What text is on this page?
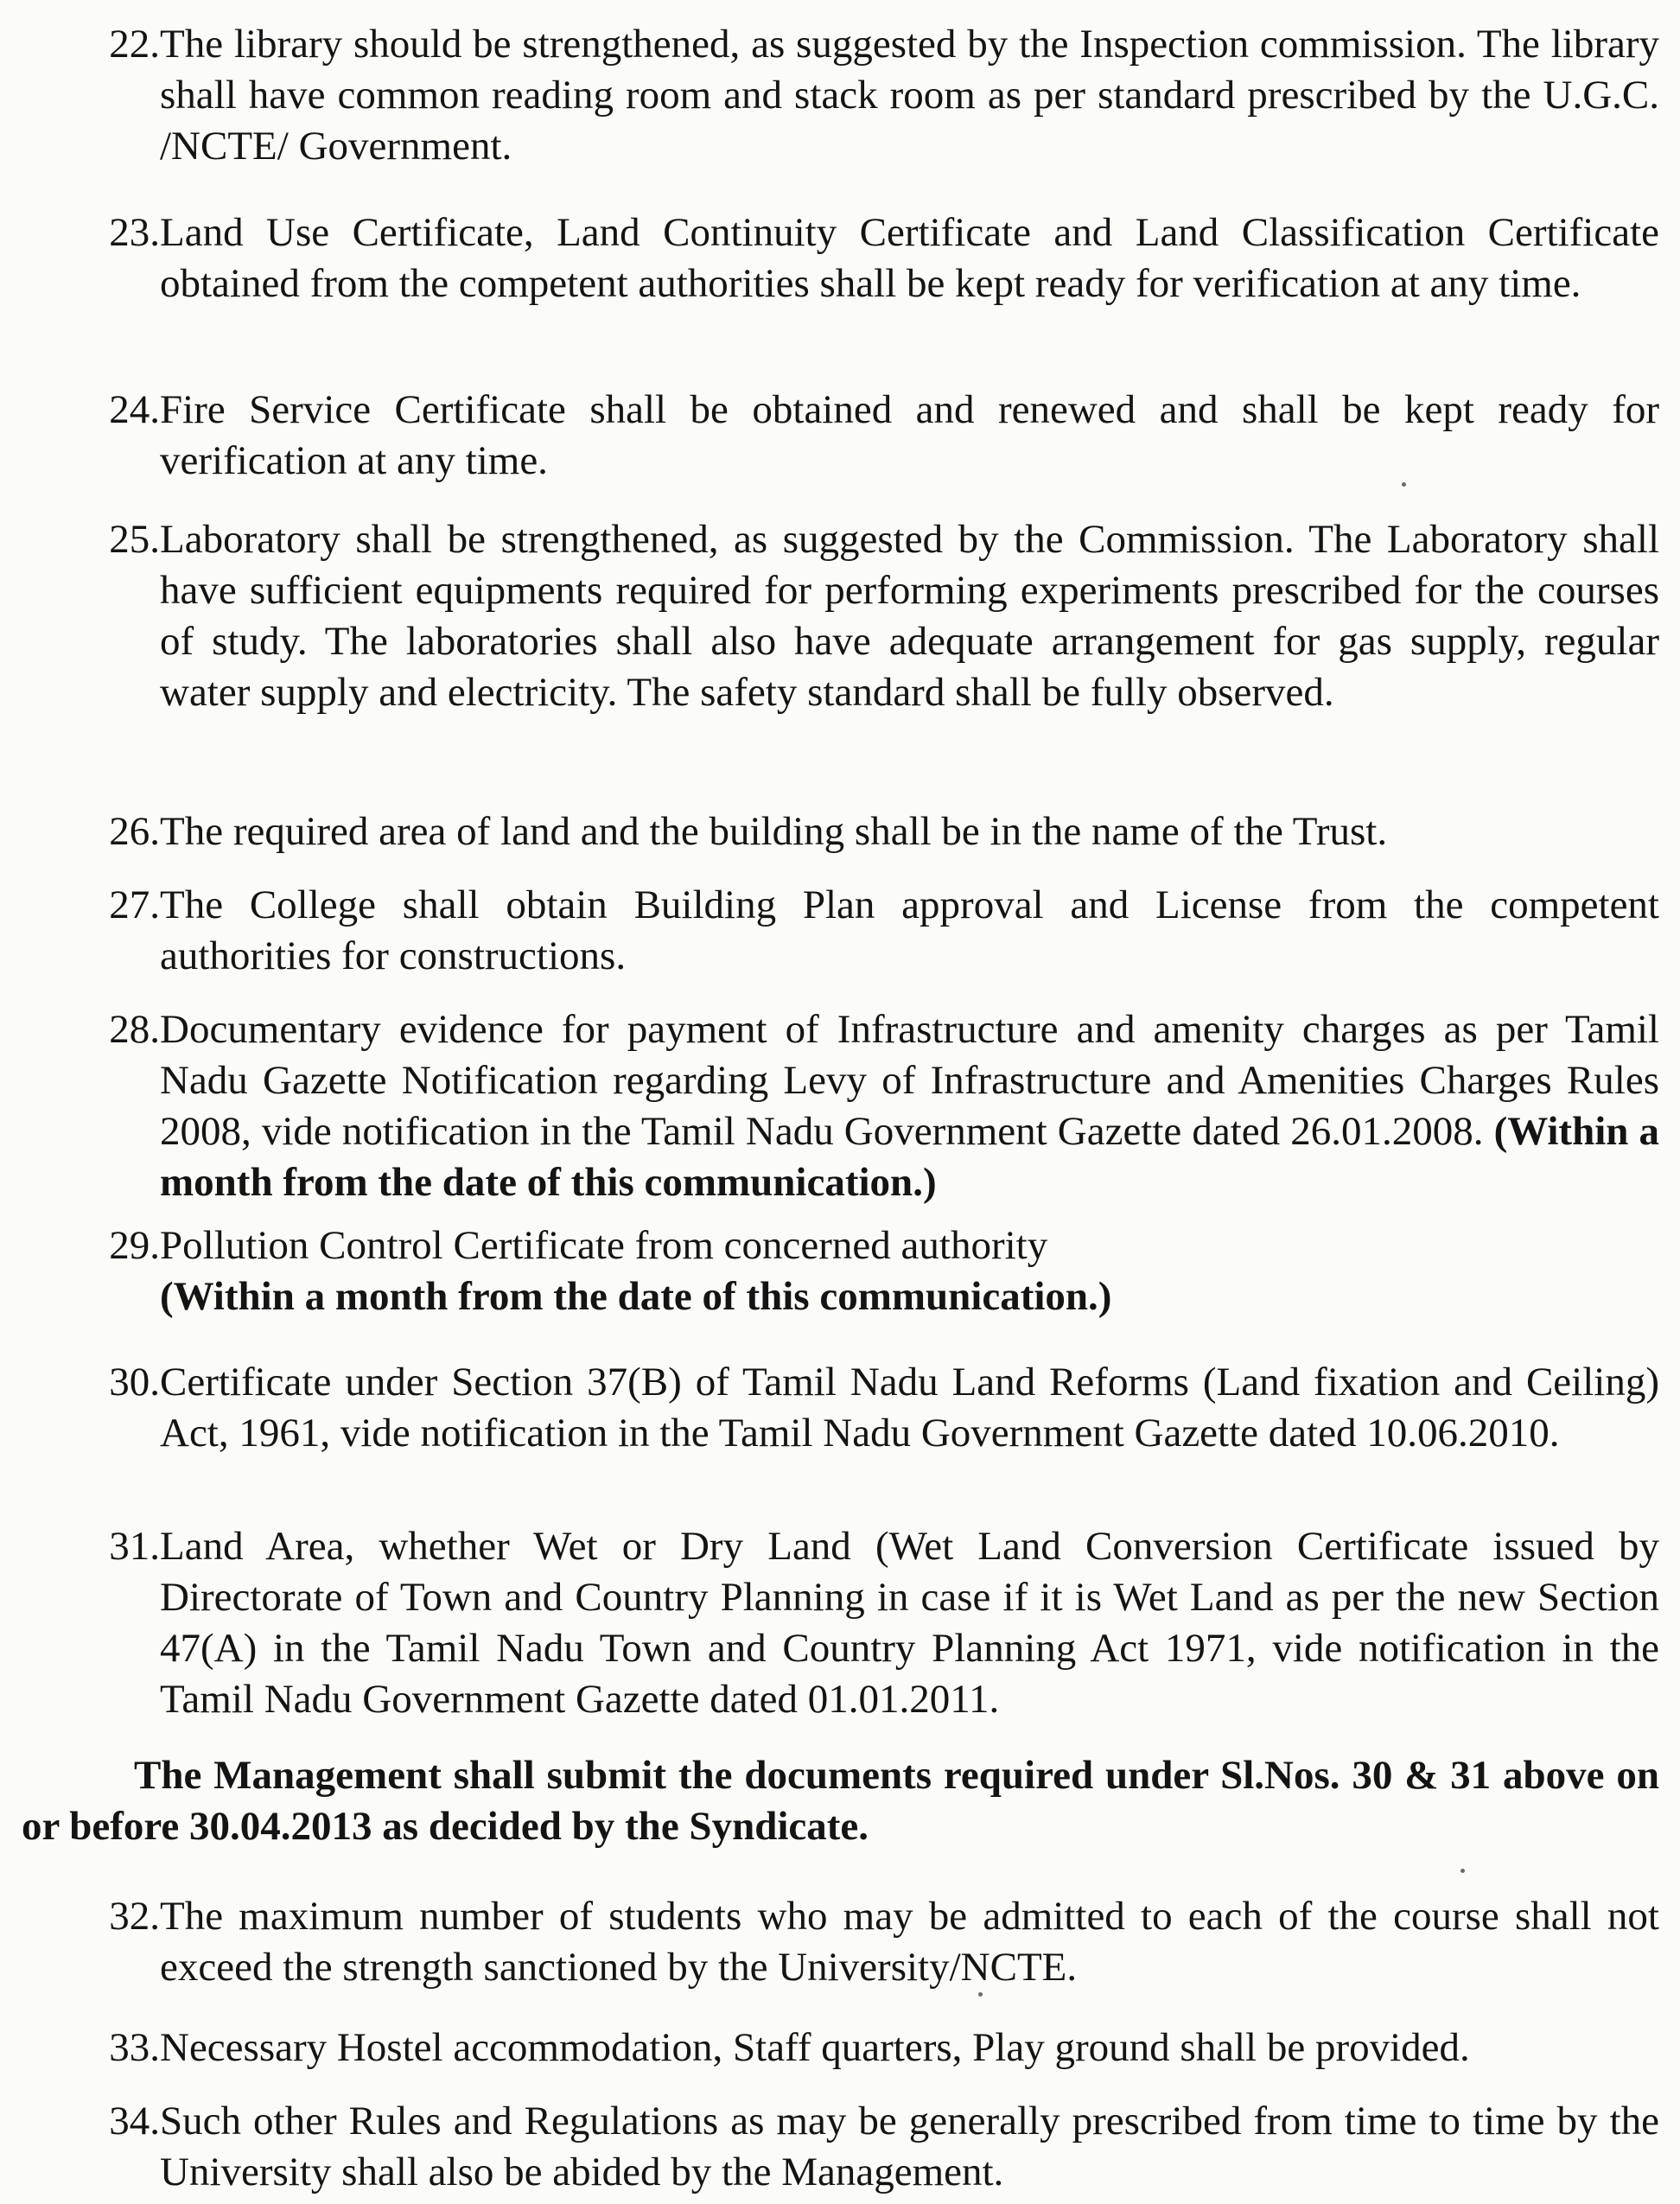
22. The library should be strengthened, as suggested by the Inspection commission. The library shall have common reading room and stack room as per standard prescribed by the U.G.C. /NCTE/ Government.
23. Land Use Certificate, Land Continuity Certificate and Land Classification Certificate obtained from the competent authorities shall be kept ready for verification at any time.
24. Fire Service Certificate shall be obtained and renewed and shall be kept ready for verification at any time.
25. Laboratory shall be strengthened, as suggested by the Commission. The Laboratory shall have sufficient equipments required for performing experiments prescribed for the courses of study. The laboratories shall also have adequate arrangement for gas supply, regular water supply and electricity. The safety standard shall be fully observed.
26. The required area of land and the building shall be in the name of the Trust.
27. The College shall obtain Building Plan approval and License from the competent authorities for constructions.
28. Documentary evidence for payment of Infrastructure and amenity charges as per Tamil Nadu Gazette Notification regarding Levy of Infrastructure and Amenities Charges Rules 2008, vide notification in the Tamil Nadu Government Gazette dated 26.01.2008. (Within a month from the date of this communication.)
29. Pollution Control Certificate from concerned authority
(Within a month from the date of this communication.)
30. Certificate under Section 37(B) of Tamil Nadu Land Reforms (Land fixation and Ceiling) Act, 1961, vide notification in the Tamil Nadu Government Gazette dated 10.06.2010.
31. Land Area, whether Wet or Dry Land (Wet Land Conversion Certificate issued by Directorate of Town and Country Planning in case if it is Wet Land as per the new Section 47(A) in the Tamil Nadu Town and Country Planning Act 1971, vide notification in the Tamil Nadu Government Gazette dated 01.01.2011.
The Management shall submit the documents required under Sl.Nos. 30 & 31 above on or before 30.04.2013 as decided by the Syndicate.
32. The maximum number of students who may be admitted to each of the course shall not exceed the strength sanctioned by the University/NCTE.
33. Necessary Hostel accommodation, Staff quarters, Play ground shall be provided.
34. Such other Rules and Regulations as may be generally prescribed from time to time by the University shall also be abided by the Management.
